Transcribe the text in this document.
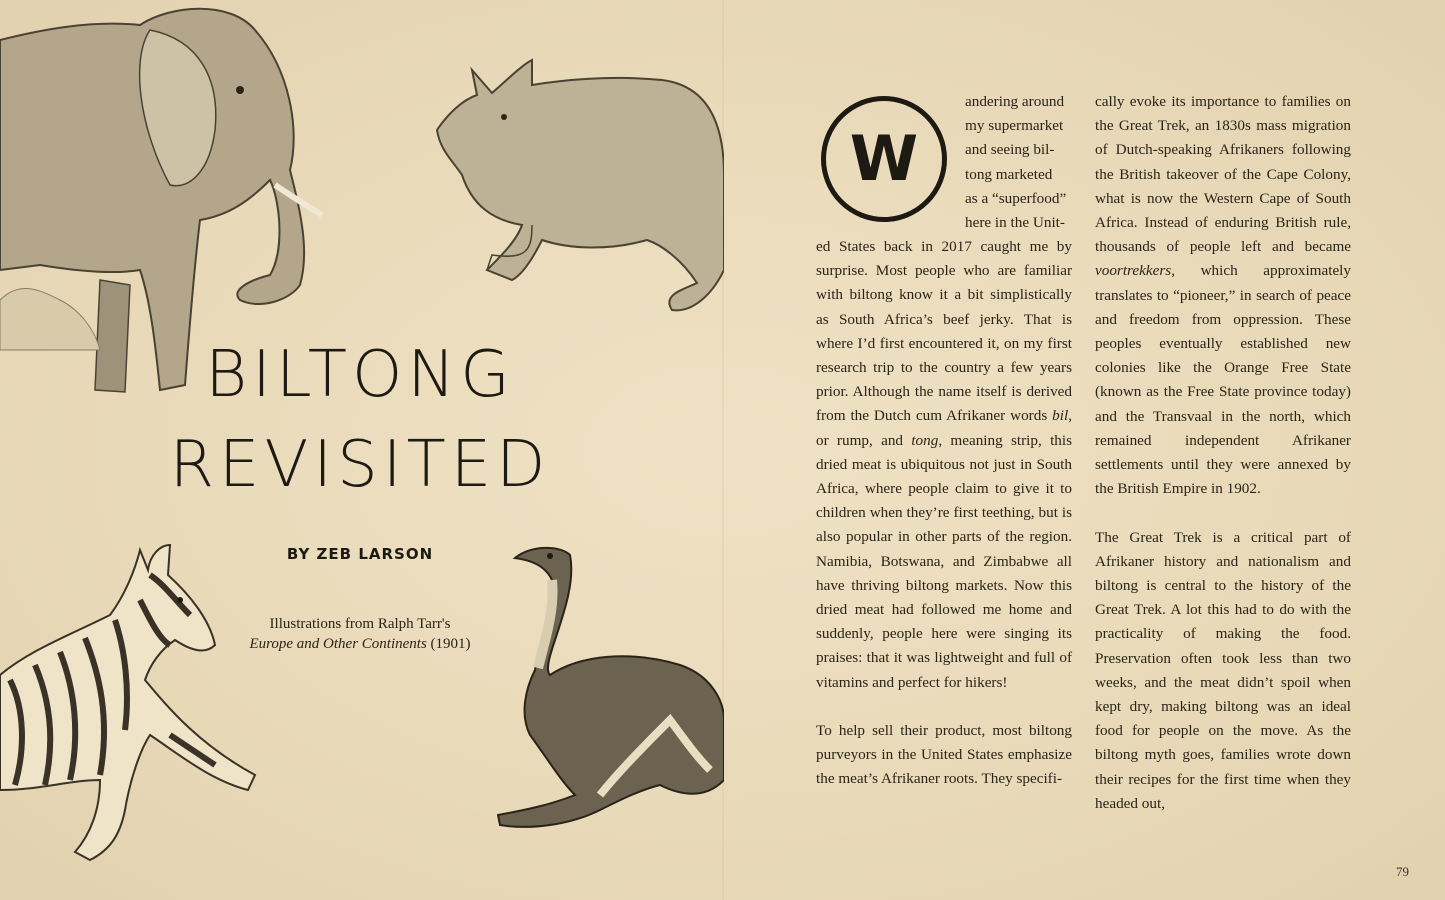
BILTONG
REVISITED
BY ZEB LARSON
Illustrations from Ralph Tarr's
Europe and Other Continents (1901)
W

andering around

my supermarket

and seeing bil-

tong marketed

as a “superfood”

here in the Unit-

ed States back in 2017 caught me by surprise. Most people who are familiar with biltong know it a bit simplistically as South Africa’s beef jerky. That is where I’d first encountered it, on my first research trip to the country a few years prior. Although the name itself is derived from the Dutch cum Afrikaner words bil, or rump, and tong, meaning strip, this dried meat is ubiquitous not just in South Africa, where people claim to give it to children when they’re first teething, but is also popular in other parts of the region. Namibia, Botswana, and Zimbabwe all have thriving biltong markets. Now this dried meat had followed me home and suddenly, people here were singing its praises: that it was lightweight and full of vitamins and perfect for hikers!

To help sell their product, most biltong purveyors in the United States emphasize the meat’s Afrikaner roots. They specifi-

cally evoke its importance to families on the Great Trek, an 1830s mass migration of Dutch-speaking Afrikaners following the British takeover of the Cape Colony, what is now the Western Cape of South Africa. Instead of enduring British rule, thousands of people left and became voortrekkers, which approximately translates to “pioneer,” in search of peace and freedom from oppression. These peoples eventually established new colonies like the Orange Free State (known as the Free State province today) and the Transvaal in the north, which remained independent Afrikaner settlements until they were annexed by the British Empire in 1902.

The Great Trek is a critical part of Afrikaner history and nationalism and biltong is central to the history of the Great Trek. A lot this had to do with the practicality of making the food. Preservation often took less than two weeks, and the meat didn’t spoil when kept dry, making biltong was an ideal food for people on the move. As the biltong myth goes, families wrote down their recipes for the first time when they headed out,

79
